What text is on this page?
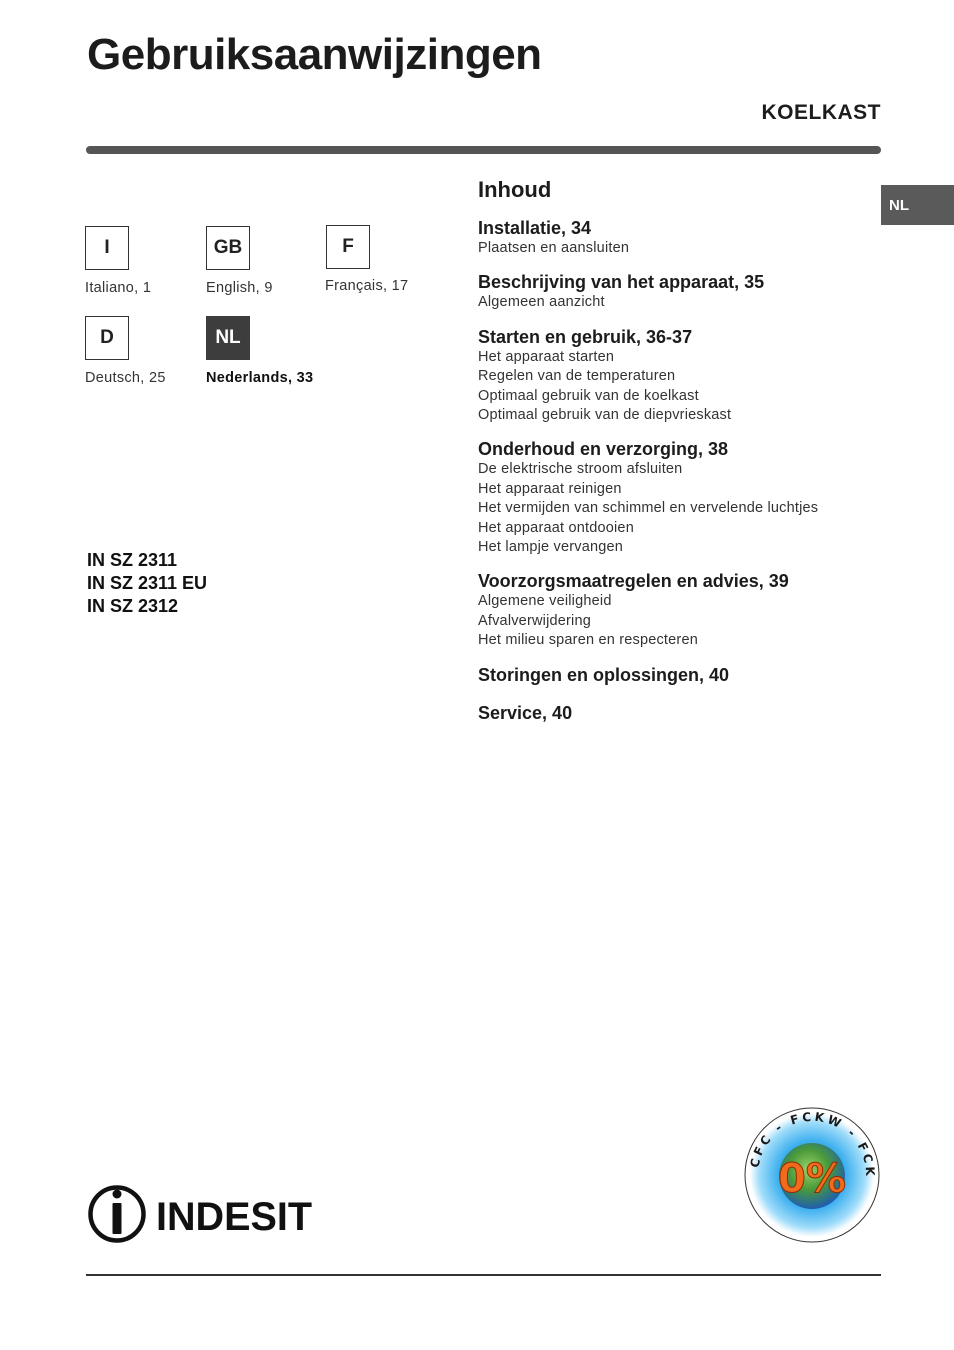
Gebruiksaanwijzingen
KOELKAST
NL
I
Italiano, 1
GB
English, 9
F
Français, 17
D
Deutsch, 25
NL
Nederlands, 33
IN SZ 2311
IN SZ 2311 EU
IN SZ 2312
Inhoud
Installatie, 34
Plaatsen en aansluiten
Beschrijving van het apparaat, 35
Algemeen aanzicht
Starten en gebruik, 36-37
Het apparaat starten
Regelen van de temperaturen
Optimaal gebruik van de koelkast
Optimaal gebruik van de diepvrieskast
Onderhoud en verzorging, 38
De elektrische stroom afsluiten
Het apparaat reinigen
Het vermijden van schimmel en vervelende luchtjes
Het apparaat ontdooien
Het lampje vervangen
Voorzorgsmaatregelen en advies, 39
Algemene veiligheid
Afvalverwijdering
Het milieu sparen en respecteren
Storingen en oplossingen, 40
Service, 40
INDESIT
CFC - FCKW - FCK
0%
